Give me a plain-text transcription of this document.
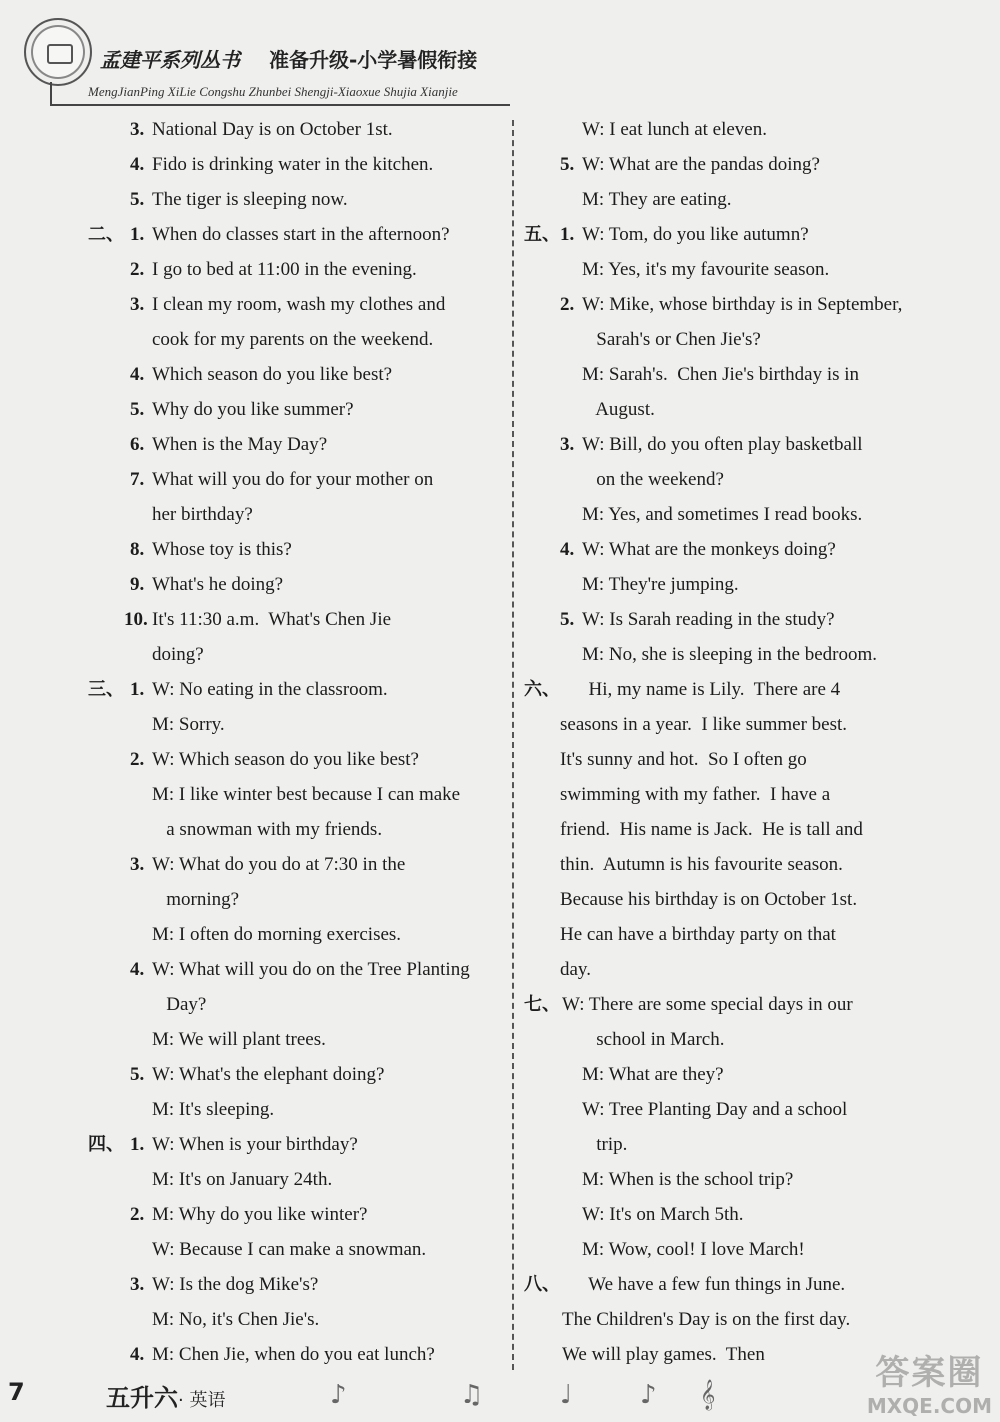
孟建平系列丛书 准备升级-小学暑假衔接
MengJianPing XiLie Congshu Zhunbei Shengji-Xiaoxue Shujia Xianjie
3. National Day is on October 1st.
4. Fido is drinking water in the kitchen.
5. The tiger is sleeping now.
二、 1. When do classes start in the afternoon?
2. I go to bed at 11:00 in the evening.
3. I clean my room, wash my clothes and
cook for my parents on the weekend.
4. Which season do you like best?
5. Why do you like summer?
6. When is the May Day?
7. What will you do for your mother on
her birthday?
8. Whose toy is this?
9. What's he doing?
10. It's 11:30 a.m.  What's Chen Jie
doing?
三、 1. W: No eating in the classroom.
M: Sorry.
2. W: Which season do you like best?
M: I like winter best because I can make
a snowman with my friends.
3. W: What do you do at 7:30 in the
morning?
M: I often do morning exercises.
4. W: What will you do on the Tree Planting
Day?
M: We will plant trees.
5. W: What's the elephant doing?
M: It's sleeping.
四、 1. W: When is your birthday?
M: It's on January 24th.
2. M: Why do you like winter?
W: Because I can make a snowman.
3. W: Is the dog Mike's?
M: No, it's Chen Jie's.
4. M: Chen Jie, when do you eat lunch?
W: I eat lunch at eleven.
5. W: What are the pandas doing?
M: They are eating.
五、 1. W: Tom, do you like autumn?
M: Yes, it's my favourite season.
2. W: Mike, whose birthday is in September,
Sarah's or Chen Jie's?
M: Sarah's.  Chen Jie's birthday is in
August.
3. W: Bill, do you often play basketball
on the weekend?
M: Yes, and sometimes I read books.
4. W: What are the monkeys doing?
M: They're jumping.
5. W: Is Sarah reading in the study?
M: No, she is sleeping in the bedroom.
六、 Hi, my name is Lily.  There are 4
seasons in a year.  I like summer best.
It's sunny and hot.  So I often go
swimming with my father.  I have a
friend.  His name is Jack.  He is tall and
thin.  Autumn is his favourite season.
Because his birthday is on October 1st.
He can have a birthday party on that
day.
七、 W: There are some special days in our
school in March.
M: What are they?
W: Tree Planting Day and a school
trip.
M: When is the school trip?
W: It's on March 5th.
M: Wow, cool! I love March!
八、 We have a few fun things in June.
The Children's Day is on the first day.
We will play games.  Then
7	五升六· 英语	♪	♫	♩	♪ 𝄞
答案圈
MXQE.COM
